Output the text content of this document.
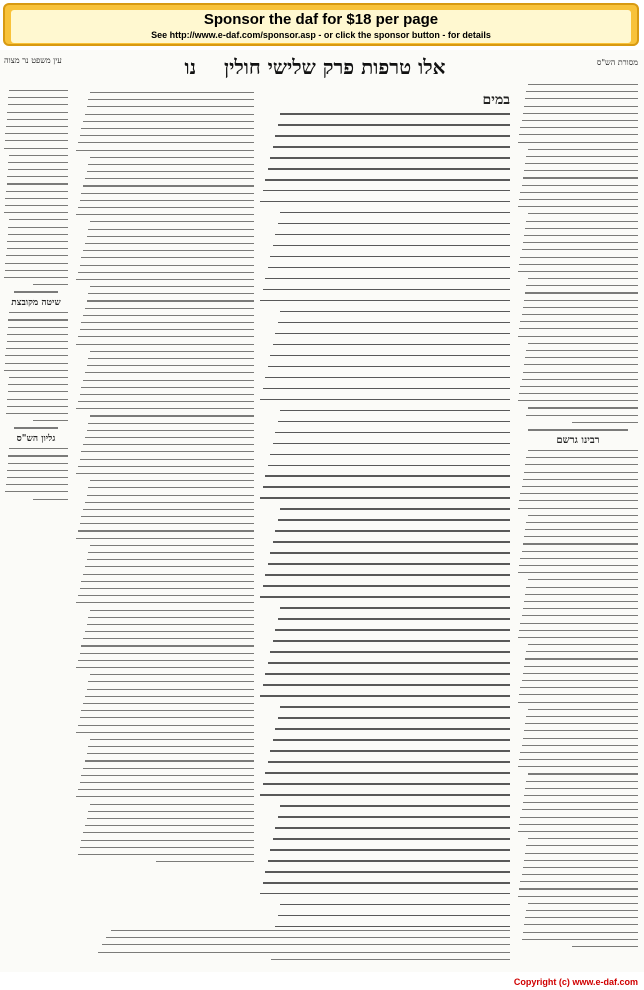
Sponsor the daf for $18 per page
See http://www.e-daf.com/sponsor.asp - or click the sponsor button - for details
מסורת הש"ס
אלו טרפות פרק שלישי חולין    נו
עין משפט נר מצוה
רבינו גרשם
במים
שיטה מקובצת
גליון הש"ס
Copyright (c) www.e-daf.com
